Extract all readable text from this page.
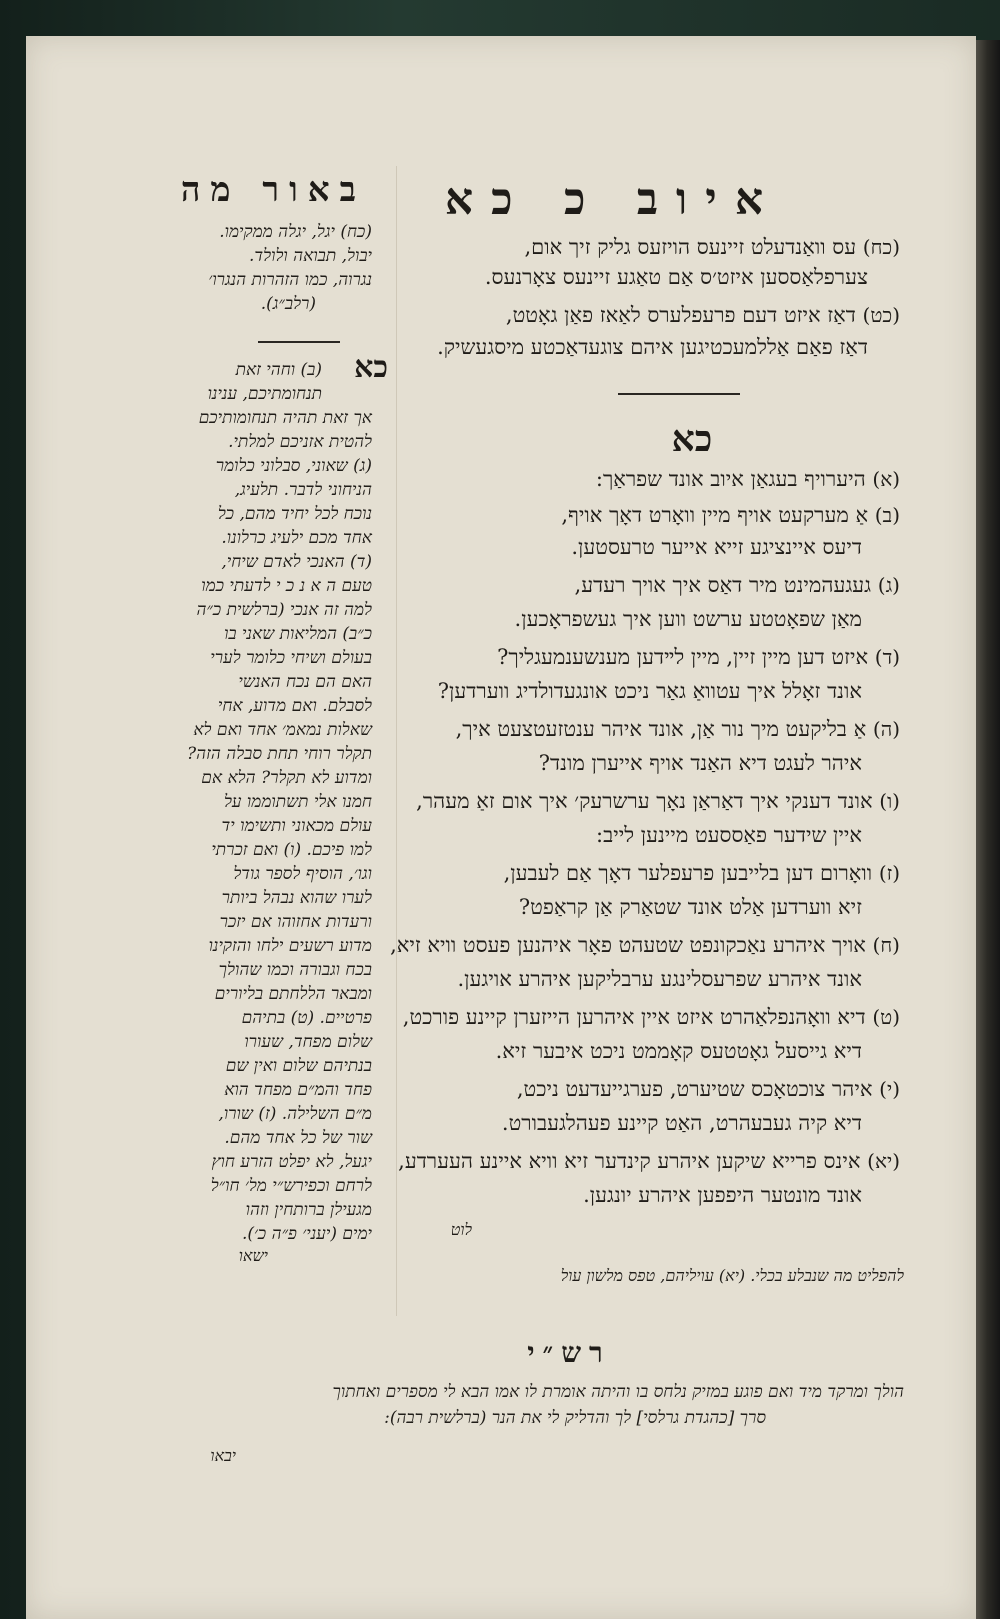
איוב כ כא
באור מה
(כח) עס וואַנדעלט זיינעס הויזעס גליק זיך אום,
צערפלאַססען איזט׳ס אַם טאַגע זיינעס צאָרנעס.
(כט) דאַז איזט דעם פרעפלערס לאַאז פאַן גאָטט,
דאַז פאַם אַללמעכטיגען איהם צוגעדאַכטע מיסגעשיק.
כא
(א) היערויף בעגאַן איוב אונד שפראַך:
(ב) אַ מערקעט אויף מיין וואָרט דאָך אויף,
דיעס איינציגע זייא אייער טרעסטען.
(ג) געגעהמינט מיר דאַס איך אויך רעדע,
מאַן שפאָטטע ערשט ווען איך געשפראָכען.
(ד) איזט דען מיין זיין, מיין לײדען מענשענמעגליך?
אונד זאָלל איך עטוואַ גאַר ניכט אונגעדולדיג ווערדען?
(ה) אַ בליקעט מיך נור אַן, אונד איהר ענטזעטצעט איך,
איהר לעגט דיא האַנד אויף אייערן מונד?
(ו) אונד דענקי איך דאַראַן נאָך ערשרעק׳ איך אום זאַ מעהר,
איין שידער פאַססעט מיינען לייב:
(ז) וואָרום דען בלייבען פרעפלער דאָך אַם לעבען,
זיא ווערדען אַלט אונד שטאַרק אַן קראַפט?
(ח) אויך איהרע נאַכקונפט שטעהט פאָר איהנען פעסט וויא זיא,
אונד איהרע שפרעסלינגע ערבליקען איהרע אויגען.
(ט) דיא וואָהנפלאַהרט איזט איין איהרען הייזערן קיינע פורכט,
דיא גייסעל גאָטטעס קאָממט ניכט איבער זיא.
(י) איהר צוכטאָכס שטיערט, פערגייעדעט ניכט,
דיא קיה געבעהרט, האַט קיינע פעהלגעבורט.
(יא) אינס פרייא שיקען איהרע קינדער זיא וויא איינע העערדע,
אונד מונטער היפפען איהרע יונגען.
לוט
להפליט מה שנבלע בכלי. (יא) עויליהם, טפס מלשון עול
(כח) יגל, יגלה ממקימו.
יבול, תבואה ולולד.
נגרוה, כמו הזהרות הנגרו׳
(רלב״ג).
כא
(ב) וחהי זאת
תנחומתיכם, ענינו
אך זאת תהיה תנחומותיכם
להטית אזניכם למלתי.
(ג) שאוני, סבלוני כלומר
הניחוני לדבר. תלעיג,
נוכח לכל יחיד מהם, כל
אחד מכם ילעיג כרלונו.
(ד) האנכי לאדם שיחי,
טעם ה א נ כ י לדעתי כמו
למה זה אנכי (ברלשית כ״ה
כ״ב) המליאות שאני בו
בעולם ושיחי כלומר לערי
האם הם נכח האנשי
לסבלם. ואם מדוע, אחי
שאלות נמאמ׳ אחד ואם לא
תקלר רוחי תחת סבלה הזה?
ומדוע לא תקלר? הלא אם
חמנו אלי תשתוממו על
עולם מכאוני ותשימו יד
למו פיכם. (ו) ואם זכרתי
וגו׳, הוסיף לספר גודל
לערו שהוא נבהל ביותר
ורעדות אחזוהו אם יזכר
מדוע רשעים ילחו והזקינו
בכח וגבורה וכמו שהולך
ומבאר הללחתם בליורים
פרטיים. (ט) בתיהם
שלום מפחד, שעורו
בנתיהם שלום ואין שם
פחד והמ״ם מפחד הוא
מ״ם השלילה. (ז) שורו,
שור של כל אחד מהם.
יגעל, לא יפלט הזרע חוץ
לרחם וכפירש״י מל׳ חו״ל
מגעילן ברותחין וזהו
ימים (יעני׳ פ״ה כ׳).
ישאו
רש״י
הולך ומרקד מיד ואם פוגע במזיק נלחס בו והיתה אומרת לו אמו הבא לי מספרים ואחתוך
סרך [כהגדת גרלסי] לך והדליק לי את הנר (ברלשית רבה):
יבאו
